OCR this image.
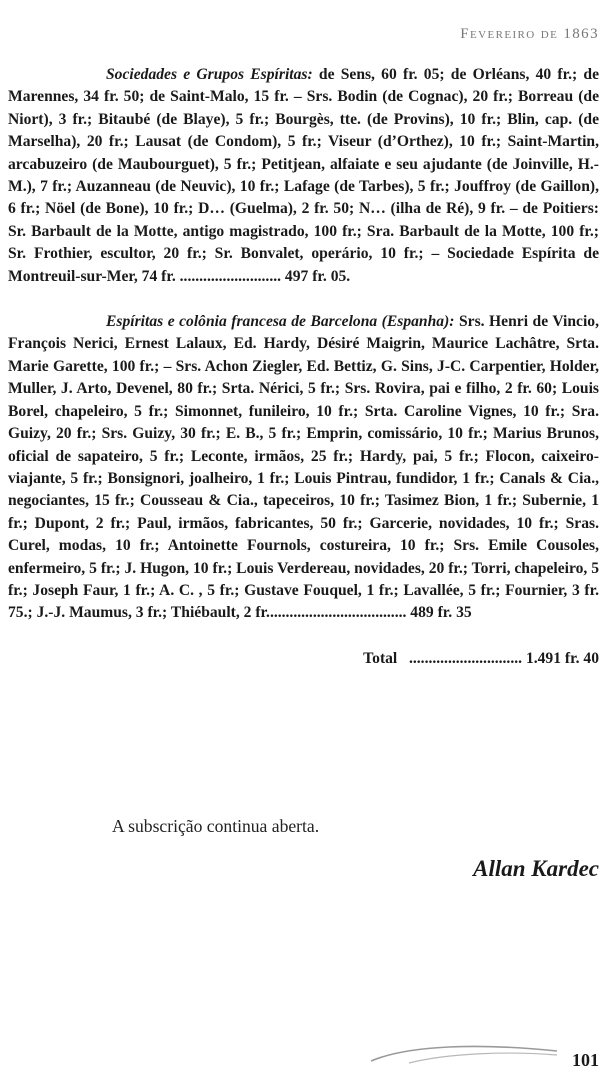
Fevereiro de 1863

Sociedades e Grupos Espíritas: de Sens, 60 fr. 05; de Orléans, 40 fr.; de Marennes, 34 fr. 50; de Saint-Malo, 15 fr. – Srs. Bodin (de Cognac), 20 fr.; Borreau (de Niort), 3 fr.; Bitaubé (de Blaye), 5 fr.; Bourgès, tte. (de Provins), 10 fr.; Blin, cap. (de Marselha), 20 fr.; Lausat (de Condom), 5 fr.; Viseur (d’Orthez), 10 fr.; Saint-Martin, arcabuzeiro (de Maubourguet), 5 fr.; Petitjean, alfaiate e seu ajudante (de Joinville, H.-M.), 7 fr.; Auzanneau (de Neuvic), 10 fr.; Lafage (de Tarbes), 5 fr.; Jouffroy (de Gaillon), 6 fr.; Nöel (de Bone), 10 fr.; D… (Guelma), 2 fr. 50; N… (ilha de Ré), 9 fr. – de Poitiers: Sr. Barbault de la Motte, antigo magistrado, 100 fr.; Sra. Barbault de la Motte, 100 fr.; Sr. Frothier, escultor, 20 fr.; Sr. Bonvalet, operário, 10 fr.; – Sociedade Espírita de Montreuil-sur-Mer, 74 fr. .......................... 497 fr. 05.

Espíritas e colônia francesa de Barcelona (Espanha): Srs. Henri de Vincio, François Nerici, Ernest Lalaux, Ed. Hardy, Désiré Maigrin, Maurice Lachâtre, Srta. Marie Garette, 100 fr.; – Srs. Achon Ziegler, Ed. Bettiz, G. Sins, J-C. Carpentier, Holder, Muller, J. Arto, Devenel, 80 fr.; Srta. Nérici, 5 fr.; Srs. Rovira, pai e filho, 2 fr. 60; Louis Borel, chapeleiro, 5 fr.; Simonnet, funileiro, 10 fr.; Srta. Caroline Vignes, 10 fr.; Sra. Guizy, 20 fr.; Srs. Guizy, 30 fr.; E. B., 5 fr.; Emprin, comissário, 10 fr.; Marius Brunos, oficial de sapateiro, 5 fr.; Leconte, irmãos, 25 fr.; Hardy, pai, 5 fr.; Flocon, caixeiro-viajante, 5 fr.; Bonsignori, joalheiro, 1 fr.; Louis Pintrau, fundidor, 1 fr.; Canals & Cia., negociantes, 15 fr.; Cousseau & Cia., tapeceiros, 10 fr.; Tasimez Bion, 1 fr.; Subernie, 1 fr.; Dupont, 2 fr.; Paul, irmãos, fabricantes, 50 fr.; Garcerie, novidades, 10 fr.; Sras. Curel, modas, 10 fr.; Antoinette Fournols, costureira, 10 fr.; Srs. Emile Cousoles, enfermeiro, 5 fr.; J. Hugon, 10 fr.; Louis Verdereau, novidades, 20 fr.; Torri, chapeleiro, 5 fr.; Joseph Faur, 1 fr.; A. C. , 5 fr.; Gustave Fouquel, 1 fr.; Lavallée, 5 fr.; Fournier, 3 fr. 75.; J.-J. Maumus, 3 fr.; Thiébault, 2 fr.................................... 489 fr. 35

Total ............................. 1.491 fr. 40
A subscrição continua aberta.
Allan Kardec
101
